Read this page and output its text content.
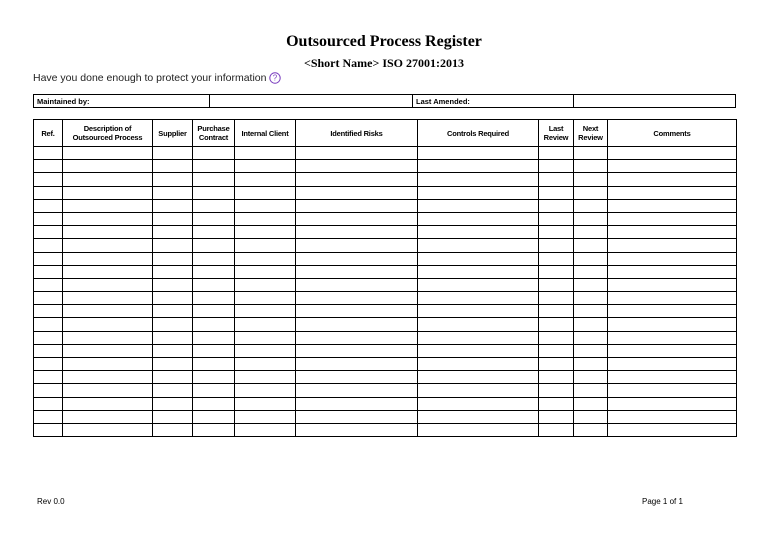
Outsourced Process Register
<Short Name> ISO 27001:2013
Have you done enough to protect your information ?
Maintained by:		Last Amended:	
Ref.	Description of Outsourced Process	Supplier	Purchase Contract	Internal Client	Identified Risks	Controls Required	Last Review	Next Review	Comments

Rev 0.0	Page 1 of 1
